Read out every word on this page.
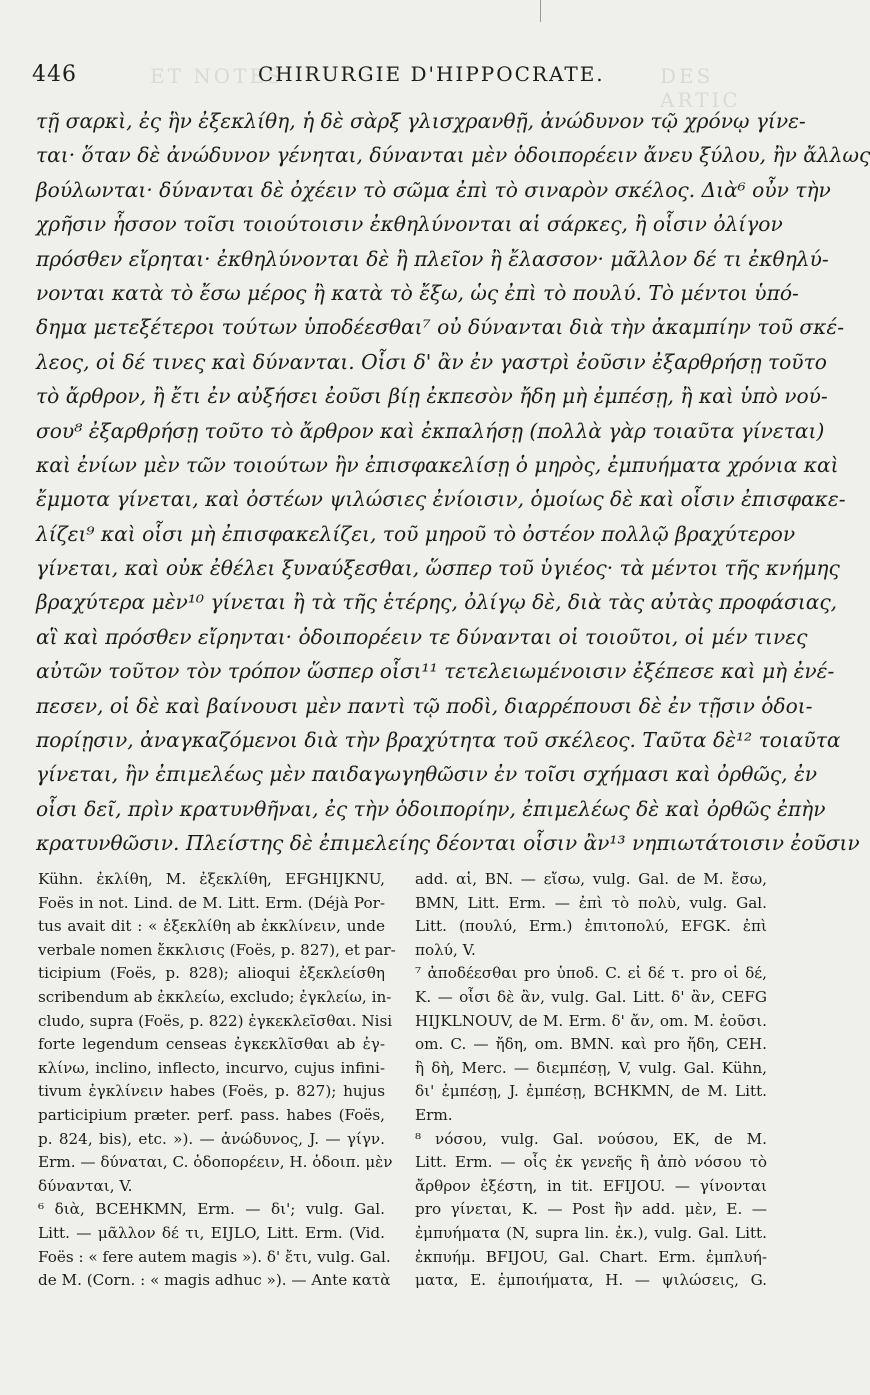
ET NOTES	DES ARTIC
446	CHIRURGIE D'HIPPOCRATE.
τῇ σαρκὶ, ἐς ἣν ἐξεκλίθη, ἡ δὲ σὰρξ γλισχρανθῇ, ἀνώδυνον τῷ χρόνῳ γίνε-
ται· ὅταν δὲ ἀνώδυνον γένηται, δύνανται μὲν ὁδοιπορέειν ἄνευ ξύλου, ἢν ἄλλως
βούλωνται· δύνανται δὲ ὀχέειν τὸ σῶμα ἐπὶ τὸ σιναρὸν σκέλος. Διὰ⁶ οὖν τὴν
χρῆσιν ἧσσον τοῖσι τοιούτοισιν ἐκθηλύνονται αἱ σάρκες, ἢ οἷσιν ὀλίγον
πρόσθεν εἴρηται· ἐκθηλύνονται δὲ ἢ πλεῖον ἢ ἔλασσον· μᾶλλον δέ τι ἐκθηλύ-
νονται κατὰ τὸ ἔσω μέρος ἢ κατὰ τὸ ἔξω, ὡς ἐπὶ τὸ πουλύ. Τὸ μέντοι ὑπό-
δημα μετεξέτεροι τούτων ὑποδέεσθαι⁷ οὐ δύνανται διὰ τὴν ἀκαμπίην τοῦ σκέ-
λεος, οἱ δέ τινες καὶ δύνανται. Οἷσι δ' ἂν ἐν γαστρὶ ἐοῦσιν ἐξαρθρήσῃ τοῦτο
τὸ ἄρθρον, ἢ ἔτι ἐν αὐξήσει ἐοῦσι βίῃ ἐκπεσὸν ἤδη μὴ ἐμπέσῃ, ἢ καὶ ὑπὸ νού-
σου⁸ ἐξαρθρήσῃ τοῦτο τὸ ἄρθρον καὶ ἐκπαλήσῃ (πολλὰ γὰρ τοιαῦτα γίνεται)
καὶ ἐνίων μὲν τῶν τοιούτων ἢν ἐπισφακελίσῃ ὁ μηρὸς, ἐμπυήματα χρόνια καὶ
ἔμμοτα γίνεται, καὶ ὀστέων ψιλώσιες ἐνίοισιν, ὁμοίως δὲ καὶ οἷσιν ἐπισφακε-
λίζει⁹ καὶ οἷσι μὴ ἐπισφακελίζει, τοῦ μηροῦ τὸ ὀστέον πολλῷ βραχύτερον
γίνεται, καὶ οὐκ ἐθέλει ξυναύξεσθαι, ὥσπερ τοῦ ὑγιέος· τὰ μέντοι τῆς κνήμης
βραχύτερα μὲν¹⁰ γίνεται ἢ τὰ τῆς ἑτέρης, ὀλίγῳ δὲ, διὰ τὰς αὐτὰς προφάσιας,
αἳ καὶ πρόσθεν εἴρηνται· ὁδοιπορέειν τε δύνανται οἱ τοιοῦτοι, οἱ μέν τινες
αὐτῶν τοῦτον τὸν τρόπον ὥσπερ οἷσι¹¹ τετελειωμένοισιν ἐξέπεσε καὶ μὴ ἐνέ-
πεσεν, οἱ δὲ καὶ βαίνουσι μὲν παντὶ τῷ ποδὶ, διαρρέπουσι δὲ ἐν τῇσιν ὁδοι-
πορίῃσιν, ἀναγκαζόμενοι διὰ τὴν βραχύτητα τοῦ σκέλεος. Ταῦτα δὲ¹² τοιαῦτα
γίνεται, ἢν ἐπιμελέως μὲν παιδαγωγηθῶσιν ἐν τοῖσι σχήμασι καὶ ὀρθῶς, ἐν
οἷσι δεῖ, πρὶν κρατυνθῆναι, ἐς τὴν ὁδοιπορίην, ἐπιμελέως δὲ καὶ ὀρθῶς ἐπὴν
κρατυνθῶσιν. Πλείστης δὲ ἐπιμελείης δέονται οἷσιν ἂν¹³ νηπιωτάτοισιν ἐοῦσιν
Kühn. ἐκλίθη, M. ἐξεκλίθη, EFGHIJKNU,
Foës in not. Lind. de M. Litt. Erm. (Déjà Por-
tus avait dit : « ἐξεκλίθη ab ἐκκλίνειν, unde
verbale nomen ἔκκλισις (Foës, p. 827), et par-
ticipium (Foës, p. 828); alioqui ἐξεκλείσθη
scribendum ab ἐκκλείω, excludo; ἐγκλείω, in-
cludo, supra (Foës, p. 822) ἐγκεκλεῖσθαι. Nisi
forte legendum censeas ἐγκεκλῖσθαι ab ἐγ-
κλίνω, inclino, inflecto, incurvo, cujus infini-
tivum ἐγκλίνειν habes (Foës, p. 827); hujus
participium præter. perf. pass. habes (Foës,
p. 824, bis), etc. »). — ἀνώδυνος, J. — γίγν.
Erm. — δύναται, C. ὁδοπορέειν, H. ὁδοιπ. μὲν
δύνανται, V.
⁶ διὰ, BCEHKMN, Erm. — δι'; vulg. Gal.
Litt. — μᾶλλον δέ τι, EIJLO, Litt. Erm. (Vid.
Foës : « fere autem magis »). δ' ἔτι, vulg. Gal.
de M. (Corn. : « magis adhuc »). — Ante κατὰ
add. αἱ, BN. — εἴσω, vulg. Gal. de M. ἔσω,
BMN, Litt. Erm. — ἐπὶ τὸ πολὺ, vulg. Gal.
Litt. (πουλύ, Erm.) ἐπιτοπολύ, EFGK. ἐπὶ
πολύ, V.
⁷ ἀποδέεσθαι pro ὑποδ. C. εἰ δέ τ. pro οἱ δέ,
K. — οἷσι δὲ ἂν, vulg. Gal. Litt. δ' ἂν, CEFG
HIJKLNOUV, de M. Erm. δ' ἄν, om. M. ἐοῦσι.
om. C. — ἤδη, om. BMN. καὶ pro ἤδη, CEH.
ἢ δὴ, Merc. — διεμπέσῃ, V, vulg. Gal. Kühn,
δι' ἐμπέσῃ, J. ἐμπέσῃ, BCHKMN, de M. Litt.
Erm.
⁸ νόσου, vulg. Gal. νούσου, EK, de M.
Litt. Erm. — οἷς ἐκ γενεῆς ἢ ἀπὸ νόσου τὸ
ἄρθρον ἐξέστη, in tit. EFIJOU. — γίνονται
pro γίνεται, K. — Post ἢν add. μὲν, E. —
ἐμπυήματα (N, supra lin. ἐκ.), vulg. Gal. Litt.
ἐκπυήμ. BFIJOU, Gal. Chart. Erm. ἐμπλυή-
ματα, E. ἐμποιήματα, H. — ψιλώσεις, G.
